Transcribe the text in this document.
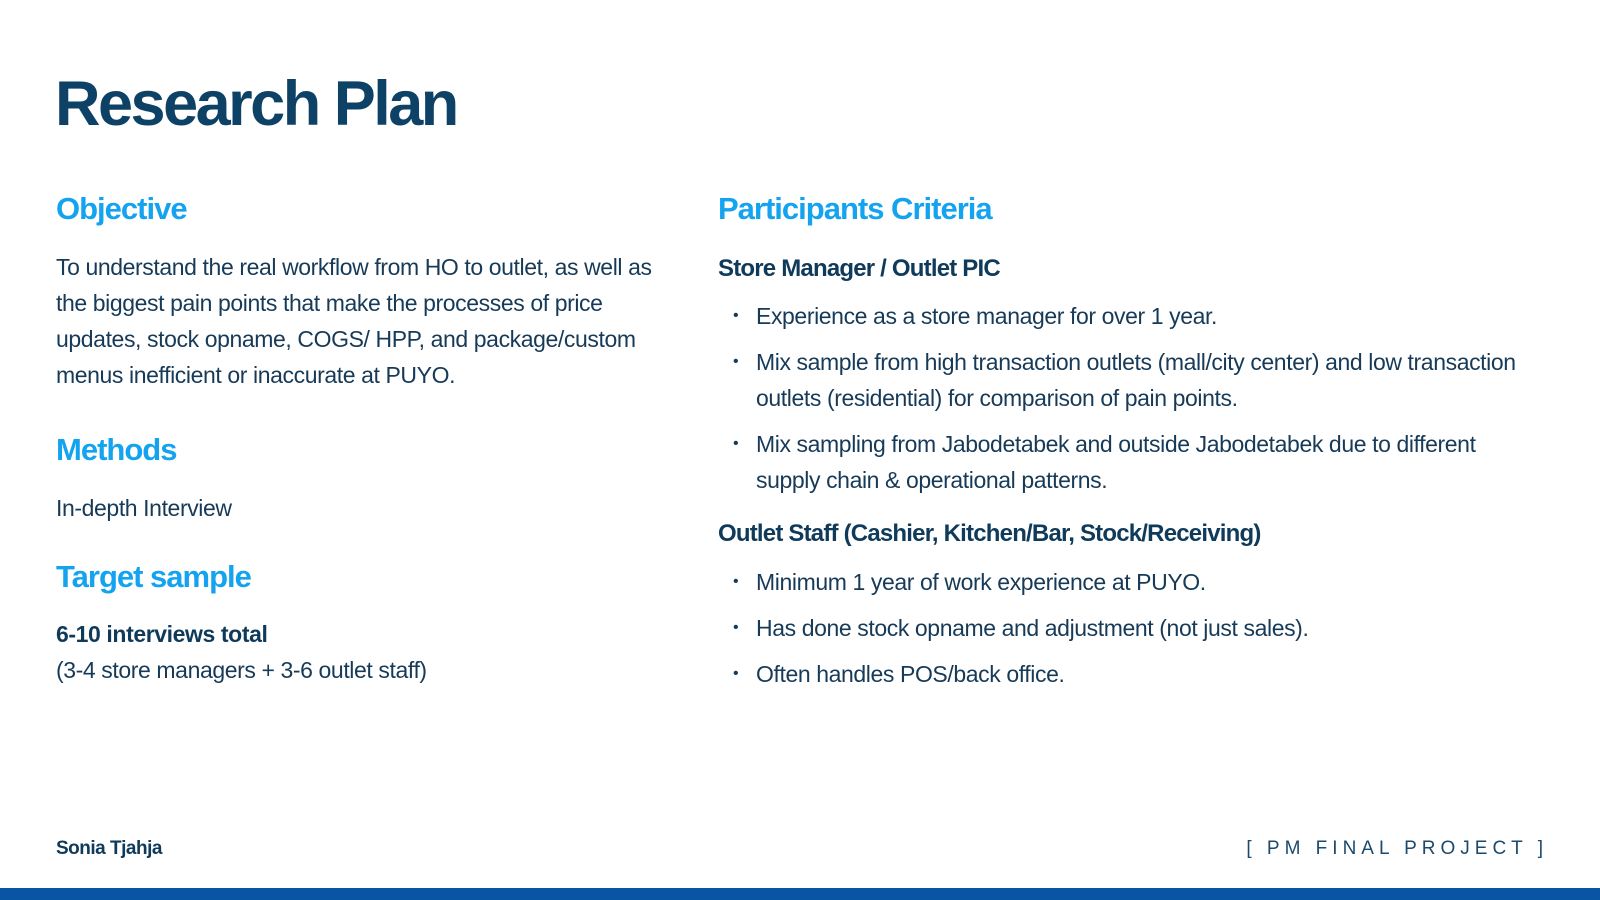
Research Plan
Objective

To understand the real workflow from HO to outlet, as well as the biggest pain points that make the processes of price updates, stock opname, COGS/ HPP, and package/custom menus inefficient or inaccurate at PUYO.

Methods

In-depth Interview

Target sample

6-10 interviews total

(3-4 store managers + 3-6 outlet staff)

Participants Criteria
Store Manager / Outlet PIC
• Experience as a store manager for over 1 year.
• Mix sample from high transaction outlets (mall/city center) and low transaction outlets (residential) for comparison of pain points.
• Mix sampling from Jabodetabek and outside Jabodetabek due to different supply chain & operational patterns.
Outlet Staff (Cashier, Kitchen/Bar, Stock/Receiving)
• Minimum 1 year of work experience at PUYO.
• Has done stock opname and adjustment (not just sales).
• Often handles POS/back office.
Sonia Tjahja	[ PM FINAL PROJECT ]
